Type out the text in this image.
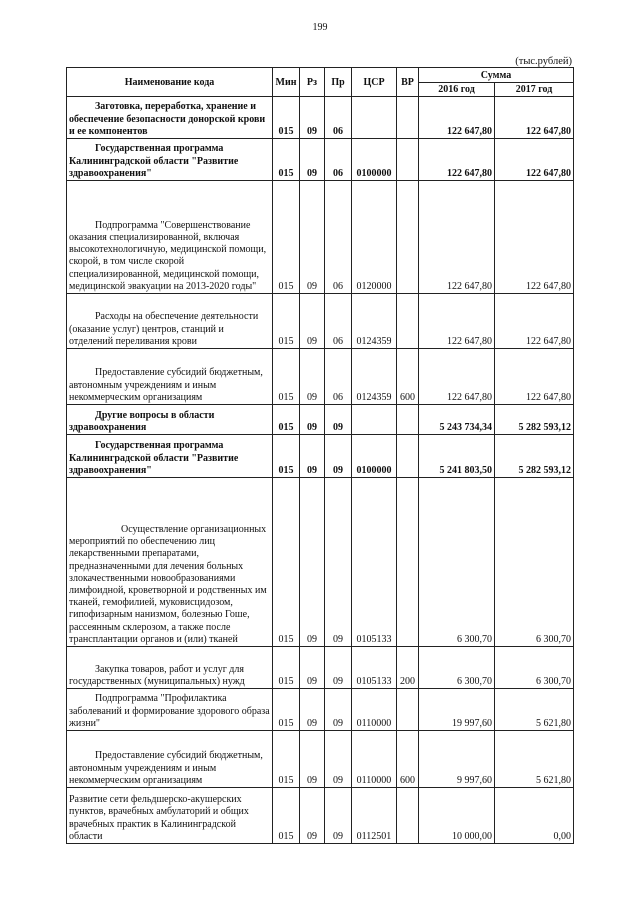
199
(тыс.рублей)
Наименование кода	Мин	Рз	Пр	ЦСР	ВР	Сумма	
						2016 год	2017 год
Заготовка, переработка, хранение и обеспечение безопасности донорской крови и ее компонентов	015	09	06			122 647,80	122 647,80
Государственная программа Калининградской области "Развитие здравоохранения"	015	09	06	0100000		122 647,80	122 647,80
Подпрограмма "Совершенствование оказания специализированной, включая высокотехнологичную, медицинской помощи, скорой, в том числе скорой специализированной, медицинской помощи, медицинской эвакуации на 2013-2020 годы"	015	09	06	0120000		122 647,80	122 647,80
Расходы на обеспечение деятельности (оказание услуг) центров, станций и отделений переливания крови	015	09	06	0124359		122 647,80	122 647,80
Предоставление субсидий бюджетным, автономным учреждениям и иным некоммерческим организациям	015	09	06	0124359	600	122 647,80	122 647,80
Другие вопросы в области здравоохранения	015	09	09			5 243 734,34	5 282 593,12
Государственная программа Калининградской области "Развитие здравоохранения"	015	09	09	0100000		5 241 803,50	5 282 593,12
Осуществление организационных мероприятий по обеспечению лиц лекарственными препаратами, предназначенными для лечения больных злокачественными новообразованиями лимфоидной, кроветворной и родственных им тканей, гемофилией, муковисцидозом, гипофизарным нанизмом, болезнью Гоше, рассеянным склерозом, а также после трансплантации органов и (или) тканей	015	09	09	0105133		6 300,70	6 300,70
Закупка товаров, работ и услуг для государственных (муниципальных) нужд	015	09	09	0105133	200	6 300,70	6 300,70
Подпрограмма "Профилактика заболеваний и формирование здорового образа жизни"	015	09	09	0110000		19 997,60	5 621,80
Предоставление субсидий бюджетным, автономным учреждениям и иным некоммерческим организациям	015	09	09	0110000	600	9 997,60	5 621,80
Развитие сети фельдшерско-акушерских пунктов, врачебных амбулаторий и общих врачебных практик в Калининградской области	015	09	09	0112501		10 000,00	0,00
